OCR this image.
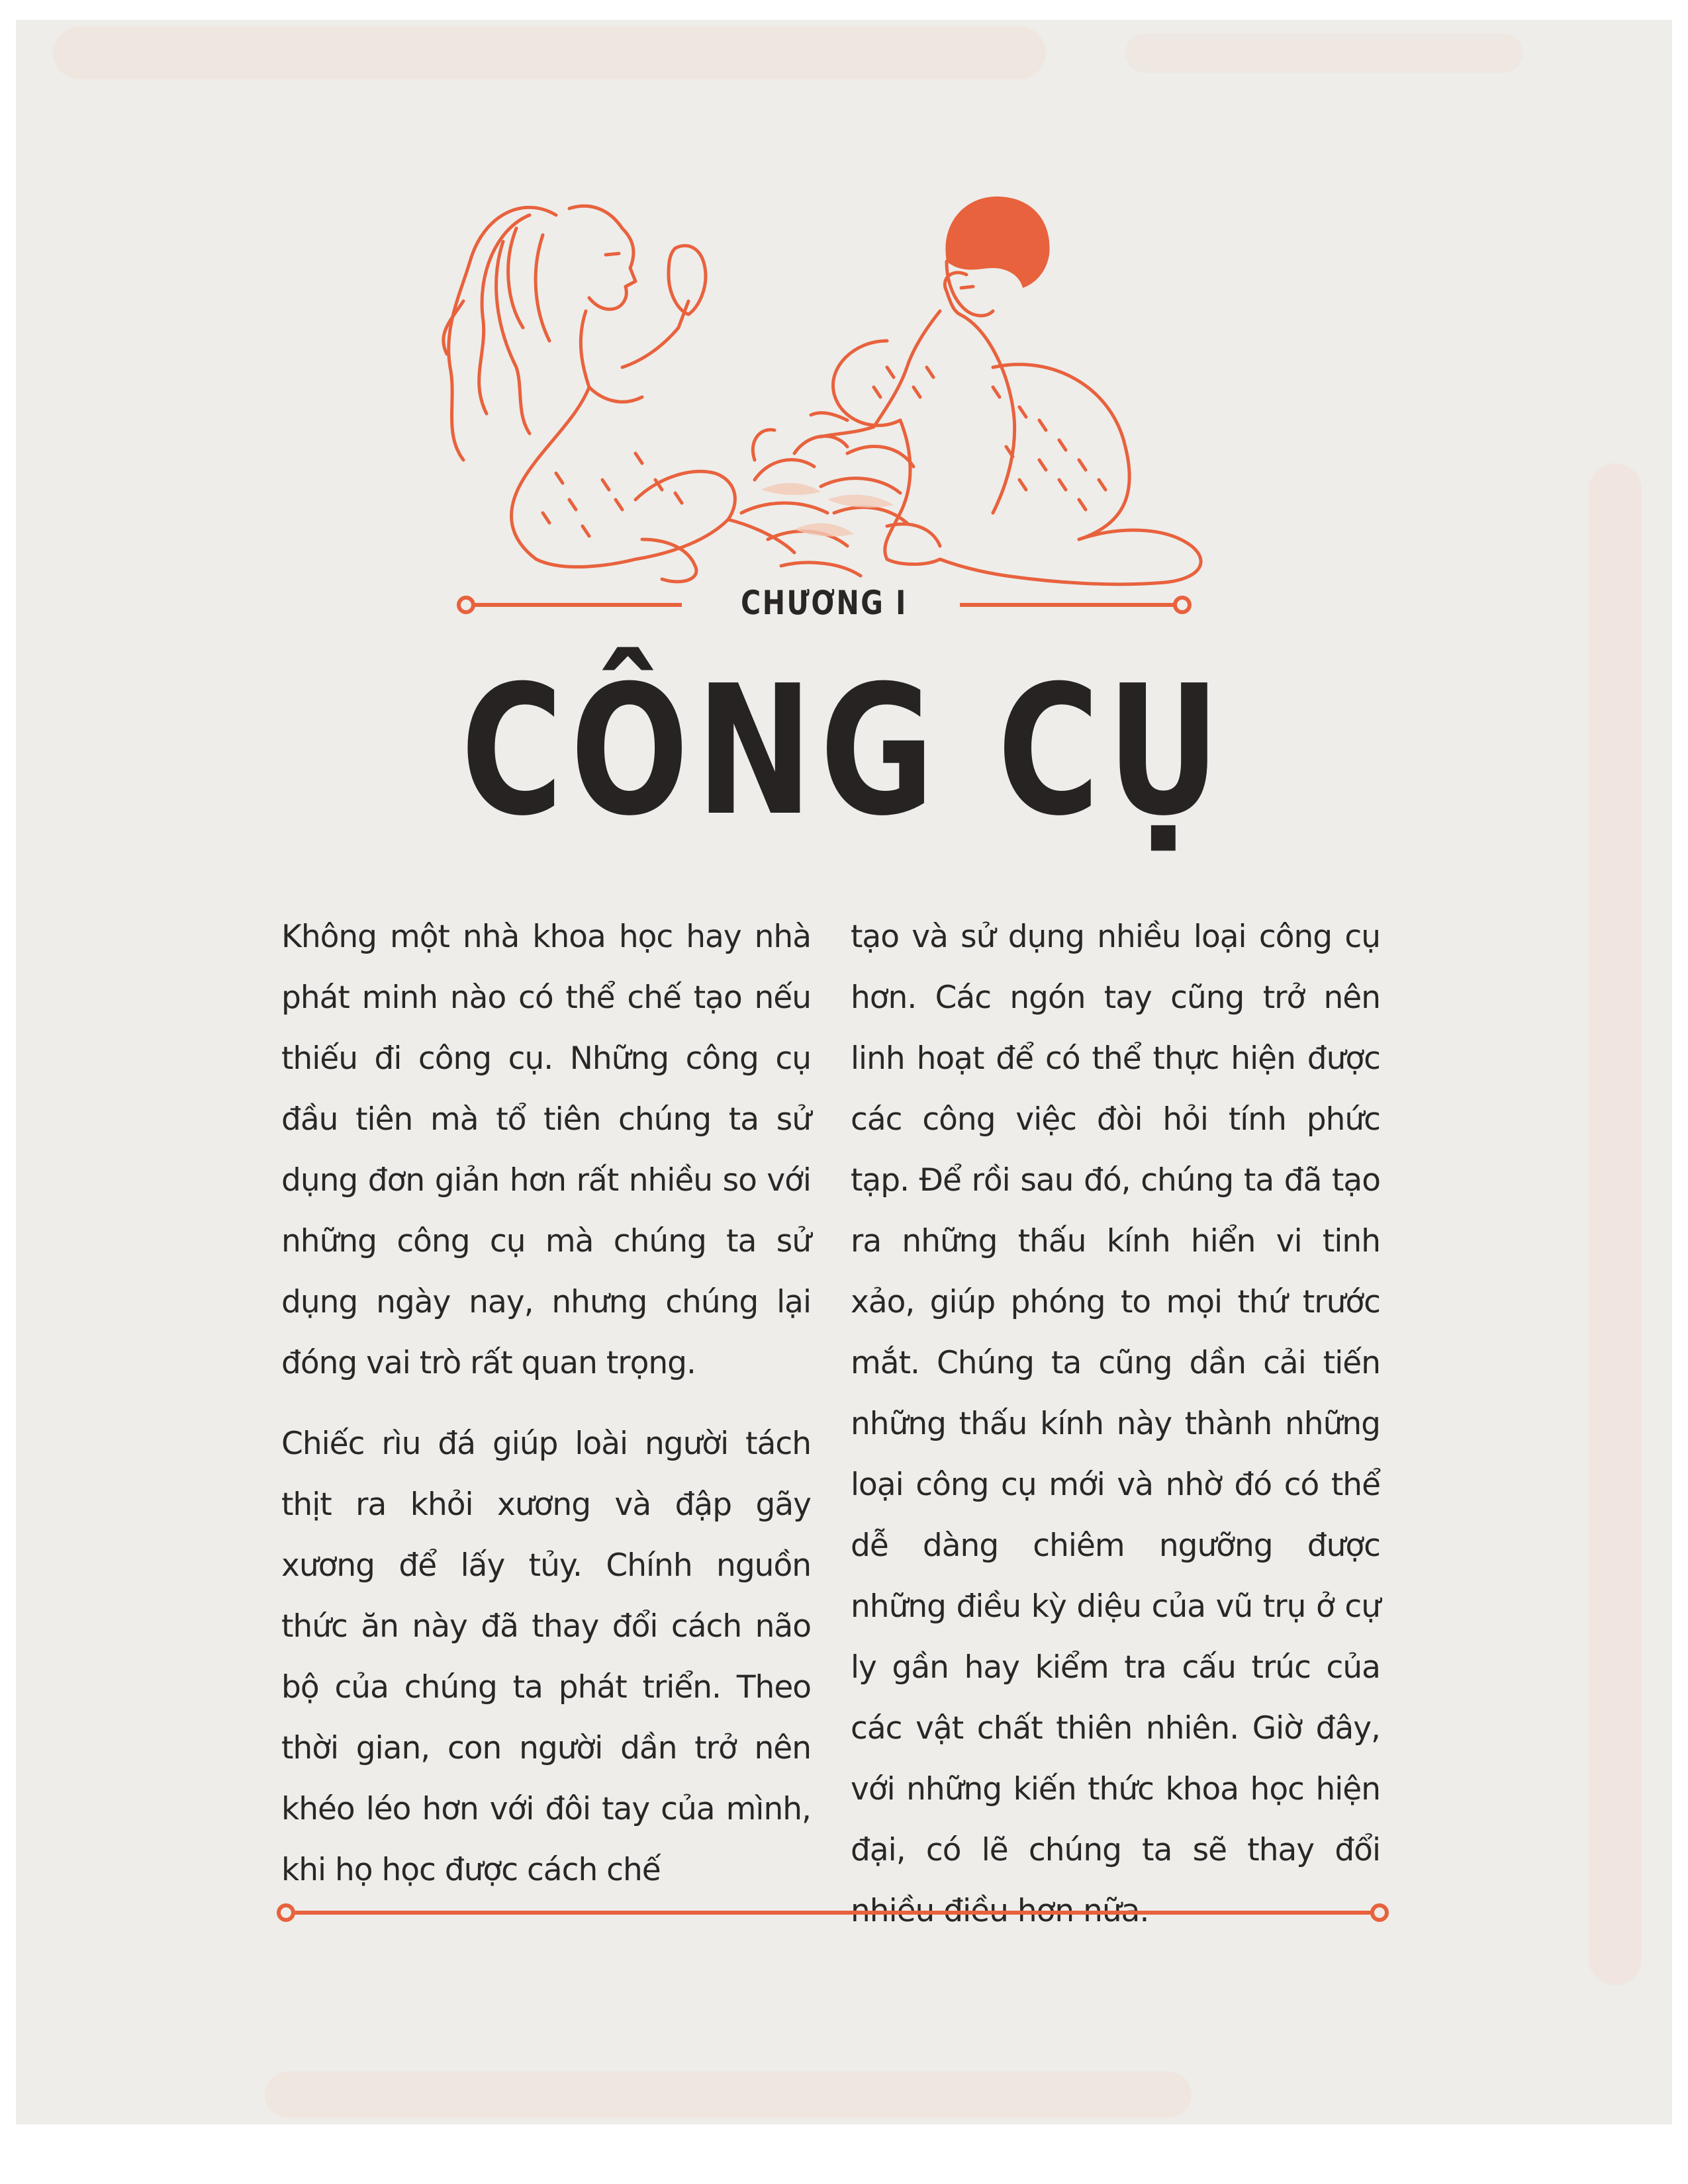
CHƯƠNG I
CÔNG CỤ

Không một nhà khoa học hay nhà phát minh nào có thể chế tạo nếu thiếu đi công cụ. Những công cụ đầu tiên mà tổ tiên chúng ta sử dụng đơn giản hơn rất nhiều so với những công cụ mà chúng ta sử dụng ngày nay, nhưng chúng lại đóng vai trò rất quan trọng.

Chiếc rìu đá giúp loài người tách thịt ra khỏi xương và đập gãy xương để lấy tủy. Chính nguồn thức ăn này đã thay đổi cách não bộ của chúng ta phát triển. Theo thời gian, con người dần trở nên khéo léo hơn với đôi tay của mình, khi họ học được cách chế

tạo và sử dụng nhiều loại công cụ hơn. Các ngón tay cũng trở nên linh hoạt để có thể thực hiện được các công việc đòi hỏi tính phức tạp. Để rồi sau đó, chúng ta đã tạo ra những thấu kính hiển vi tinh xảo, giúp phóng to mọi thứ trước mắt. Chúng ta cũng dần cải tiến những thấu kính này thành những loại công cụ mới và nhờ đó có thể dễ dàng chiêm ngưỡng được những điều kỳ diệu của vũ trụ ở cự ly gần hay kiểm tra cấu trúc của các vật chất thiên nhiên. Giờ đây, với những kiến thức khoa học hiện đại, có lẽ chúng ta sẽ thay đổi nhiều điều hơn nữa.
